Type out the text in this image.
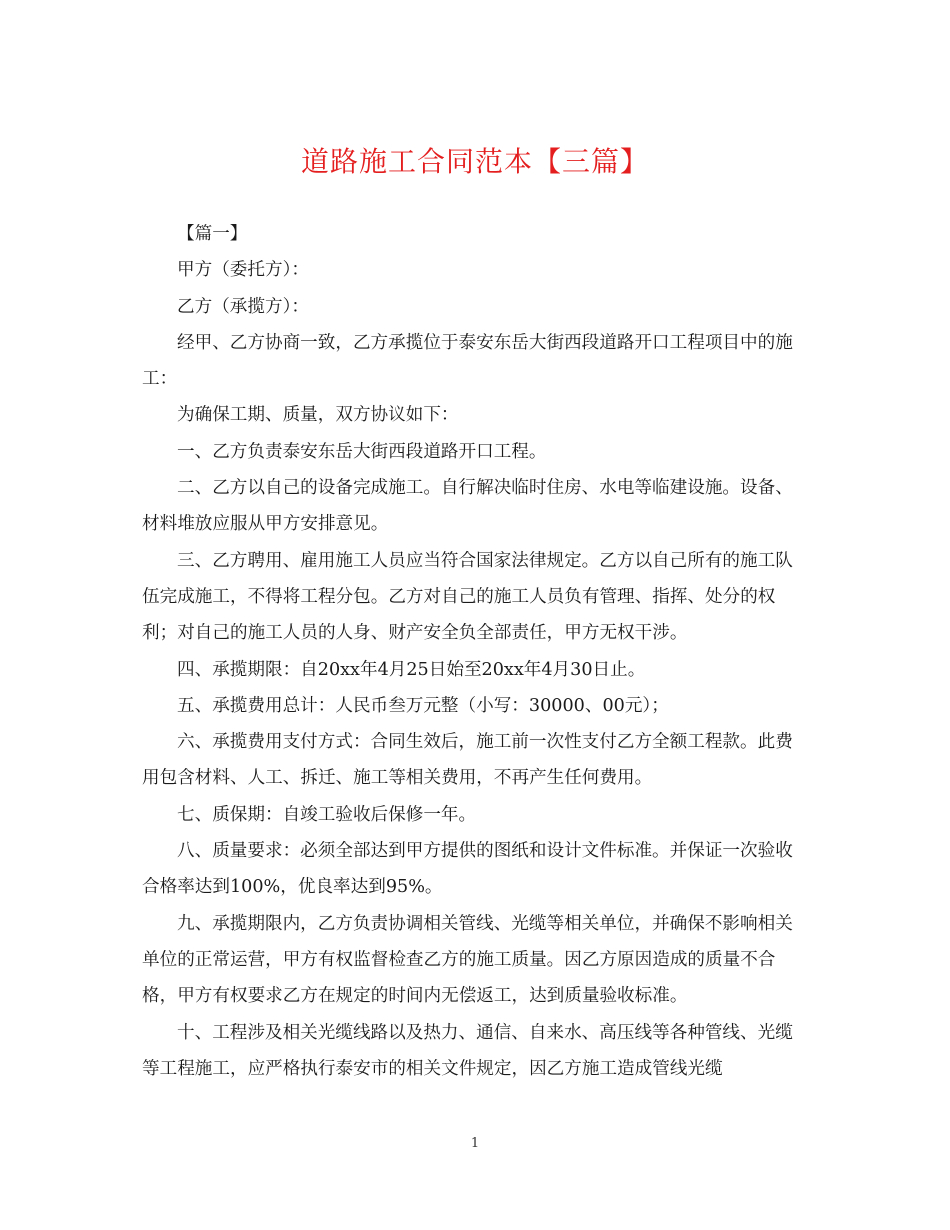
道路施工合同范本【三篇】

【篇一】

甲方（委托方）：

乙方（承揽方）：

经甲、乙方协商一致，乙方承揽位于泰安东岳大街西段道路开口工程项目中的施工：

为确保工期、质量，双方协议如下：

一、乙方负责泰安东岳大街西段道路开口工程。

二、乙方以自己的设备完成施工。自行解决临时住房、水电等临建设施。设备、材料堆放应服从甲方安排意见。

三、乙方聘用、雇用施工人员应当符合国家法律规定。乙方以自己所有的施工队伍完成施工，不得将工程分包。乙方对自己的施工人员负有管理、指挥、处分的权利；对自己的施工人员的人身、财产安全负全部责任，甲方无权干涉。

四、承揽期限：自20xx年4月25日始至20xx年4月30日止。

五、承揽费用总计：人民币叁万元整（小写：30000、00元）；

六、承揽费用支付方式：合同生效后，施工前一次性支付乙方全额工程款。此费用包含材料、人工、拆迁、施工等相关费用，不再产生任何费用。

七、质保期：自竣工验收后保修一年。

八、质量要求：必须全部达到甲方提供的图纸和设计文件标准。并保证一次验收合格率达到100%，优良率达到95%。

九、承揽期限内，乙方负责协调相关管线、光缆等相关单位，并确保不影响相关单位的正常运营，甲方有权监督检查乙方的施工质量。因乙方原因造成的质量不合格，甲方有权要求乙方在规定的时间内无偿返工，达到质量验收标准。

十、工程涉及相关光缆线路以及热力、通信、自来水、高压线等各种管线、光缆等工程施工，应严格执行泰安市的相关文件规定，因乙方施工造成管线光缆

1
